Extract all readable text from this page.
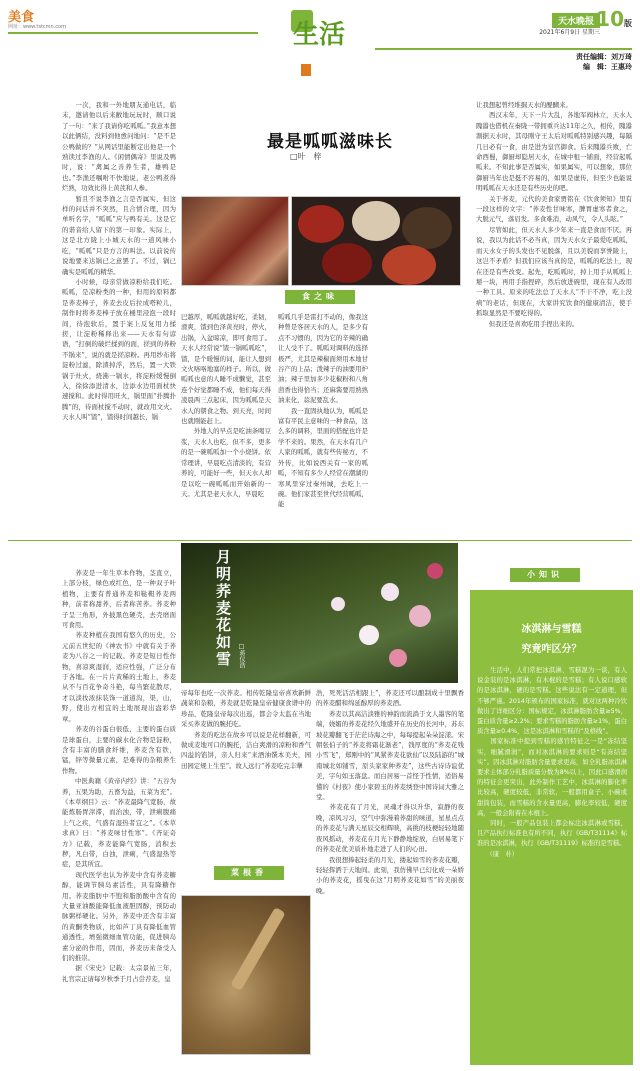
美食
网址：www.tstcmn.com	生活	天水晚报 10版
2021年6月9日 星期三
责任编辑：刘万琦
编　辑：王惠玲
最是呱呱滋味长
□叶　梓
食之味
　　一次，我和一外地朋友通电话，临末，邀请他以后来敝地玩玩时，顺口说了一句：“来了我请你吃呱呱。”我意本想以此俩结，没料到他愈问地问：“是不是公鸭做的？”从网话里能断定出他是一个熟读过李渔的人。《闲情偶寄》里说及鸭时，说：“禽属之善养生者，雄鸭是也。”李渔还嘱咐不快地说，老公鸭煮得烂熟，功效比得上黄芪和人参。
　　暂且不说李渔之言是否属实，但这样的问话并不突然，且合情合理，因为单听名字，“呱呱”应与鸭有关。这是它的谐音给人留下的第一印象。实际上，这是北方陇上小城天水的一道风味小吃，“呱呱”只是方言的叫法。以前说传说地要来达锅已之意罢了。不过，锅已确实是呱呱的精华。
　　小时候，母亲常做凉粉给我们吃。呱呱，是凉粉类的一种，但用的原料都是荞麦棒子，荞麦去皮后拉成嗒粒儿，制作时将荞麦棒子放在桶里浸泡一段时间，待泡软后，置于案上反复用力揉搓，让淀粉稀释出来——天水有句谚语，“打倒的破烂揉到的面，搓到的荞粉不锅来”，说的就是搓凉粉。再用纱布将淀粉过滤，除渣掉浮，然后，置一大铁锅于灶火，烧沸一锅水，将淀粉缓慢倒入，徐徐添进清水，边添水边用面杖快速搅和。此时得用旺火，锅里面“扑腾扑腾”的，待面杖搅不动时，就改用文火。天水人叫“馇”，馇得时间越长，锅
巴越厚，呱呱就越好吃，柔韧，滑爽，馇到色泽黄亮时，停火，出锅，入盆晾凉，即可食用了。天水人经常说“馇一锅呱呱吃”，馇，是个暖慢的词，能让人想到文火咯咯地塞的样子。所以，做呱呱也意的人睡不成懒觉，甚至连个好觉都睡不成，他们每天得凌晨两三点起床，因为呱呱是天水人的朝食之物。到天亮，时间也就刚能赶上。
　　外地人的早点是吃油条喝豆浆，天水人也吃，但不多，更多的是一碗呱呱加一个小烧饼。依常理讲，早晨吃点清淡的，有营养的，可能好一些，但天水人却是以吃一碗呱呱而开始新的一天。尤其是老天水人，早晨吃
呱呱几乎是雷打不动的，像我这种曾是客居天水的人，是多少有点不习惯的，因为它的辛辣的确让人受不了。呱呱对调料的选择极严，尤其是辣椒面须用本地甘谷产的上品；泼辣子的油要用炉油；辣子里加多少花椒粉和八角茴香也得恰当；还麻酱要用熟熟油来化，蒜泥要乱水。
　　我一直固执地认为，呱呱是富有平民主意味的一种食品，这么多的调料，里面的搭配也许是学不来的。果然，在天水有几户人家的呱呱，就有些传秘方，不外传，比如说西关有一家的呱呱，不知有多少人经常在潮湖的寒风里穿过秦州城，去吃上一碗。他们家甚至世代经营呱呱，能
让我想起曾经堆掘天水的醍醐来。
　　西汉末年，天下一片大乱，各地军阀林立，天水人隗嚣也借机在秦陇一带拥重兵达11年之久，相传，隗嚣割据天水时，其母刚守王太后对呱呱特别感兴趣，每隔几日必有一食，由是进为皇宫御食。后来隗嚣兵败，亡命西蜀，御厨却隐居天水，在城中租一铺面，经营起呱呱来。不知此事是否属实，如果属实，可以想象，那位御厨当年也是挺不容易的，如果是虚传，但至少也能说明呱呱在天水还是有些历史的吧。
　　关于荞麦，元代的美食家贾铭在《饮食须知》里有一段这样的文字：“荞麦性甘味寒，脾胃虚寒者食之，大脱元气，落眉发。多食难消，动风气，令人头眩。”
　　尽管如此，但天水人多少年来一直是食而不厌。再说，我以为此话不必当真，因为天水女子最爱吃呱呱，而天水女子的头发也不见脱落，且以美貌而享誉陇上，这岂不矛盾？但我们应该当真的是，呱呱的吃法上，现在还是有些改变。起先，吃呱呱时，掉上用手从呱呱上掰一块，再用手指捏碎，然后放进碗里，现在有人改用一种工具。原来的吃法总了天水人“不干不净，吃上没病”的老话，但现在，大家讲究饮食的健康清洁，使手抓取显然是不要吃得的。
　　但我还是喜欢吃用手捏出来的。
月明荞麦花如雪 □蒋仪浩
　　荞麦是一年生草本作物，茎直立，上部分枝，绿色或红色，是一种双子叶植物，主要有普通荞麦和鞑靼荞麦两种，前者称甜荞，后者称苦荞。荞麦种子呈三角形，外披黑色硬壳，去壳磨面可食用。
　　荞麦种植在我国有悠久的历史，公元前五世纪的《神农书》中就有关于荞麦为八谷之一的记载。荞麦是短日性作物，喜凉爽湿润，适应性强，广泛分布于各地。在一片片黄稀的土地上，荞麦从不与百花争奇斗艳，每当繁花散尽，才以淡妆浓抹装饰一道道沟，渠，山，野，使出方相宜的土地展现出盎彩华章。
　　荞麦的谷蛋白很低，主要的蛋白质是球蛋白，主要的碳水化合物是淀粉，含有丰富的膳食纤维，荞麦含有铁，锰，锌等微量元素，是难得的杂粮养生作物。
　　中医典籍《黄帝内经》讲：“五谷为养，五果为助，五畜为益，五菜为充”。《本草纲目》云：“荞麦最降气宽肠，故能炼肠胃滓滞，而治浊，带，泄痢腹痛上气之疾，气盛有湿热者宜之”。《本草求真》曰：“荞麦味甘性寒”。《齐证奇方》记载，荞麦能降气宽肠，消积去秽，凡白带，白浊，泄痢，气盛湿热等症，是其所宜。
　　现代医学也认为荞麦中含有荞麦糖醇，能调节胰岛素活性，具有降糖作用。荞麦脂肪中不饱和脂肪酸中含有的大量亚油酸能降低血液胆固醇，预防动脉粥样硬化。另外，荞麦中还含有丰富的黄酮类物质，比如芦丁具有降低血管通透性，增强微细血管功能，促进胰岛素分泌的作用，因而，荞麦历来备受人们的推崇。
　　据《宋史》记载：太宗景祐三年，礼官宗正请每岁秋季于月占尝荐麦，皇
帝每年也吃一次荞麦。相传乾隆皇帝喜欢新鲜蔬菜和杂粮，荞麦就是乾隆皇帝健康食谱中的珍品，乾隆皇帝每次出巡，都会令太监在当地采买荞麦做的腕托吃。
　　荞麦的吃法在故乡可以说是花样翻新，可做成麦地可口的腕托，洁白爽滑的凉粉和香气四溢的馅饼，亲人归来“来酒油馔本美夫，园田园定规上生至”。故人远行“荞麦吃完丰犟
菜根香
浩，死死活活相跟上”，荞麦还可以酿制成十里飘香的荞麦醋和绵延醇厚的荞麦酒。
　　荞麦以其高洁淡雅的神韵而流淌于文人墨客的笔端，娆媚的荞麦花经久地盛开在历史的长河中，苏东坡花瓣翻飞于茫茫诗海之中，每每提起朵朵淀漾。宋朝张伯子的“荞麦将霜花渐老”，钱厚度的“荞麦花残小雪飞”，郑刚中的“风紧荞麦花欲仙”以及陆游的“城南城北如铺雪，原头家家种荞麦”，这些古诗诗谊优美，字句如玉落盘。而白居易一首怪于性情，适俗易懂的《村夜》使小家碧玉的荞麦绣登中国诗词大雅之堂。
　　荞麦花有了月光，灵魂才得以升华，寂静的夜晚，凉风习习，空气中弥漫着荞甜的味道，星星点点的荞麦花与满天星辰交相辉映，高挑的枝梗轻轻地随夜风摇动，荞麦花在月光下静静地绽放，白居易笔下的荞麦花优美质朴地走进了人们的心田。
　　我很想捧起轻柔的月光，搂起如雪的荞麦花瓣，轻轻挥洒于天地间。此刻，我仿佛早已幻化成一朵娇小的荞麦花，摇曳在这“月明荞麦花如雪”的美丽夜晚。
小知识
冰淇淋与雪糕
究竟咋区分？
　　生活中，人们常把冰淇淋、雪糕混为一谈，有人说金装的是冰淇淋，有木棍的是雪糕；有人说口感软的是冰淇淋，硬的是雪糕。这些说法有一定道理，但不够严谨。2014年颁布的国家标准，就对这两种冷饮做出了详细区分：国标规定，冰淇淋脂肪含量≥5%，蛋白质含量≥2.2%；要求雪糕的脂肪含量≥1%，蛋白质含量≥0.4%，这是冰淇淋和雪糕的“及格线”。
　　国家标准中提到雪糕的感官特征之一是“冻结坚实，细腻滑润”，而对冰淇淋的要求则是“有冻结坚实”。因冰淇淋对脂肪含量要求更高，如全乳脂冰淇淋要求主体部分乳脂质量分数为8%以上，因此口感滑润的特征会更突出，此外制作工艺中，冰淇淋的膨化率比较高，硬度较低，非常软，一般都用盒子、小碗或甜筒包装，而雪糕的含水量更高，膨化率较低，硬度高，一般会附着在木棍上。
　　同时，一般产品包装上都会标注冰淇淋或雪糕，且产品执行标准也有所不同，执行《GB/T31114》标准的是冰淇淋，执行《GB/T31119》标准的是雪糕。
　　（康　朴）
